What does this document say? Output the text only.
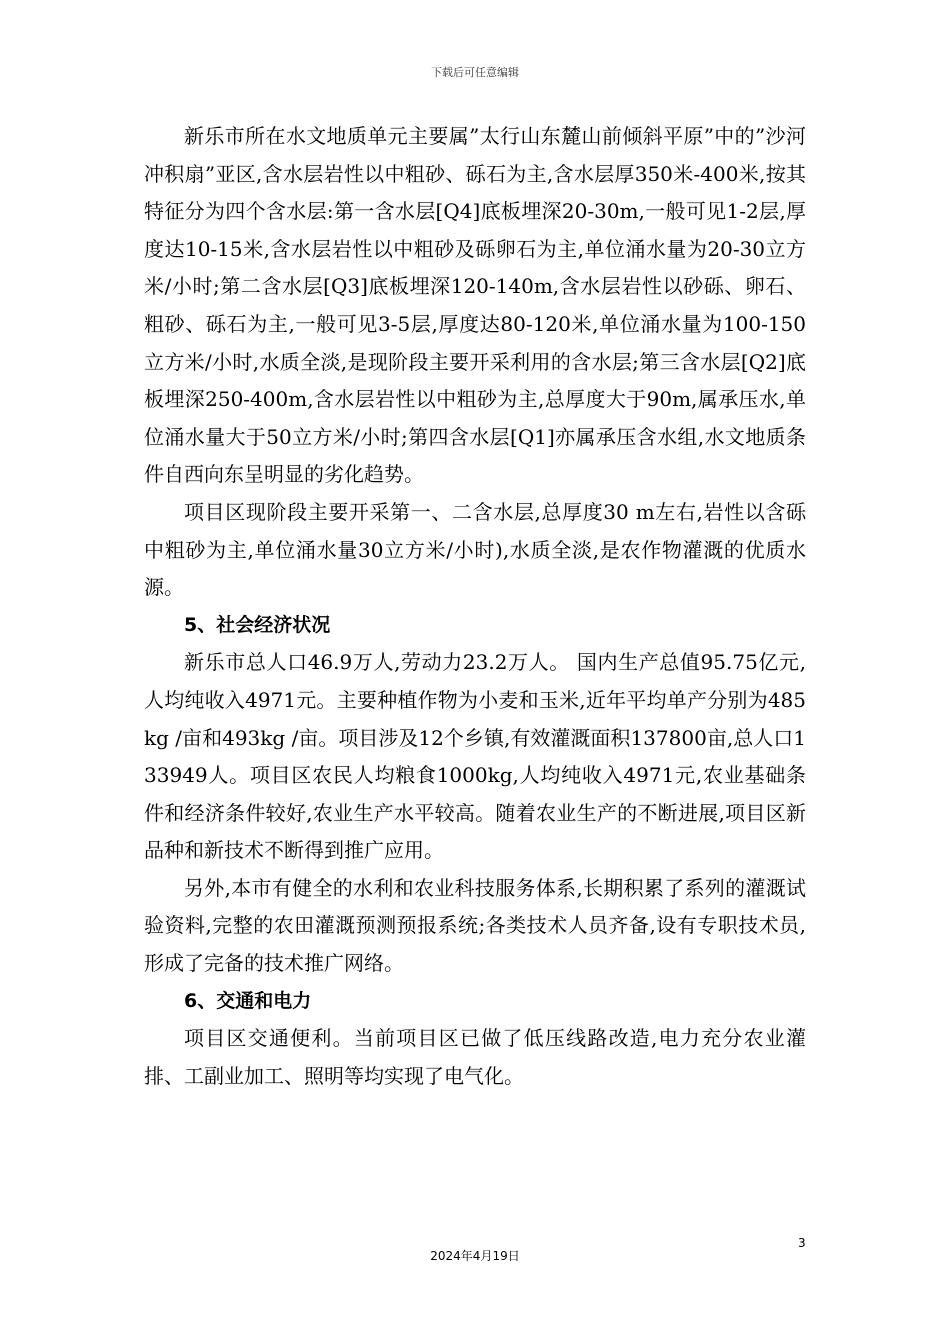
下载后可任意编辑

新乐市所在水文地质单元主要属”太行山东麓山前倾斜平原”中的”沙河冲积扇”亚区,含水层岩性以中粗砂、砾石为主,含水层厚350米-400米,按其特征分为四个含水层:第一含水层[Q4]底板埋深20-30m,一般可见1-2层,厚度达10-15米,含水层岩性以中粗砂及砾卵石为主,单位涌水量为20-30立方米/小时;第二含水层[Q3]底板埋深120-140m,含水层岩性以砂砾、卵石、粗砂、砾石为主,一般可见3-5层,厚度达80-120米,单位涌水量为100-150立方米/小时,水质全淡,是现阶段主要开采利用的含水层;第三含水层[Q2]底板埋深250-400m,含水层岩性以中粗砂为主,总厚度大于90m,属承压水,单位涌水量大于50立方米/小时;第四含水层[Q1]亦属承压含水组,水文地质条件自西向东呈明显的劣化趋势。

项目区现阶段主要开采第一、二含水层,总厚度30 m左右,岩性以含砾中粗砂为主,单位涌水量30立方米/小时),水质全淡,是农作物灌溉的优质水源。

5、社会经济状况

新乐市总人口46.9万人,劳动力23.2万人。 国内生产总值95.75亿元,人均纯收入4971元。主要种植作物为小麦和玉米,近年平均单产分别为485kg /亩和493kg /亩。项目涉及12个乡镇,有效灌溉面积137800亩,总人口133949人。项目区农民人均粮食1000kg,人均纯收入4971元,农业基础条件和经济条件较好,农业生产水平较高。随着农业生产的不断进展,项目区新品种和新技术不断得到推广应用。

另外,本市有健全的水利和农业科技服务体系,长期积累了系列的灌溉试验资料,完整的农田灌溉预测预报系统;各类技术人员齐备,设有专职技术员,形成了完备的技术推广网络。

6、交通和电力

项目区交通便利。当前项目区已做了低压线路改造,电力充分农业灌排、工副业加工、照明等均实现了电气化。

3
2024年4月19日
